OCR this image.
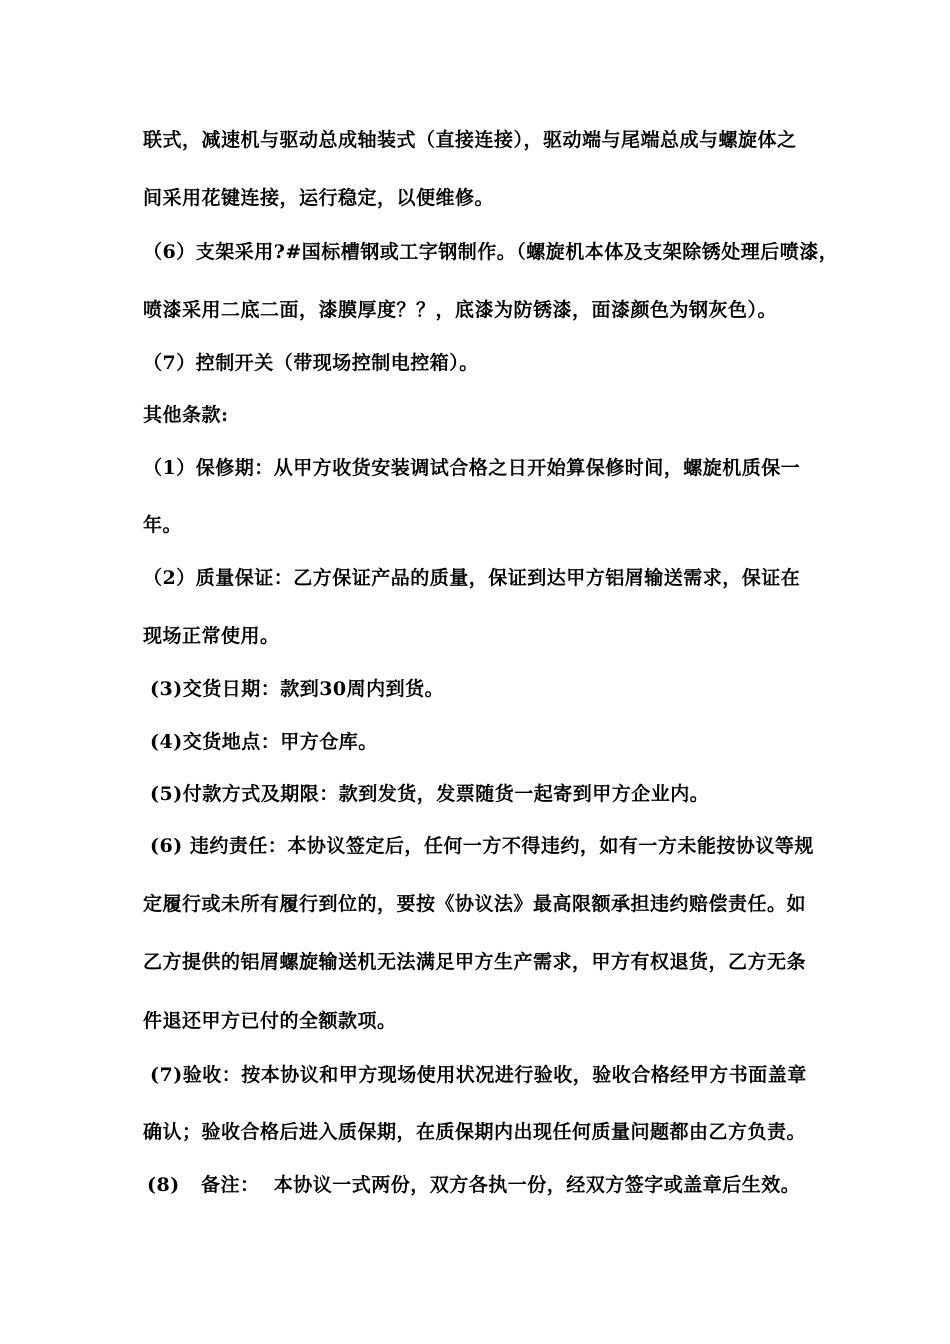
联式，减速机与驱动总成轴装式（直接连接），驱动端与尾端总成与螺旋体之
间采用花键连接，运行稳定，以便维修。
（6）支架采用?#国标槽钢或工字钢制作。（螺旋机本体及支架除锈处理后喷漆，
喷漆采用二底二面，漆膜厚度？？，底漆为防锈漆，面漆颜色为钢灰色）。
（7）控制开关（带现场控制电控箱）。
其他条款:
（1）保修期：从甲方收货安装调试合格之日开始算保修时间，螺旋机质保一
年。
（2）质量保证：乙方保证产品的质量，保证到达甲方铝屑输送需求，保证在
现场正常使用。
(3)交货日期：款到30周内到货。
(4)交货地点：甲方仓库。
(5)付款方式及期限：款到发货，发票随货一起寄到甲方企业内。
(6) 违约责任：本协议签定后，任何一方不得违约，如有一方未能按协议等规
定履行或未所有履行到位的，要按《协议法》最高限额承担违约赔偿责任。如
乙方提供的铝屑螺旋输送机无法满足甲方生产需求，甲方有权退货，乙方无条
件退还甲方已付的全额款项。
(7)验收：按本协议和甲方现场使用状况进行验收，验收合格经甲方书面盖章
确认；验收合格后进入质保期，在质保期内出现任何质量问题都由乙方负责。
(8)   备注：  本协议一式两份，双方各执一份，经双方签字或盖章后生效。
